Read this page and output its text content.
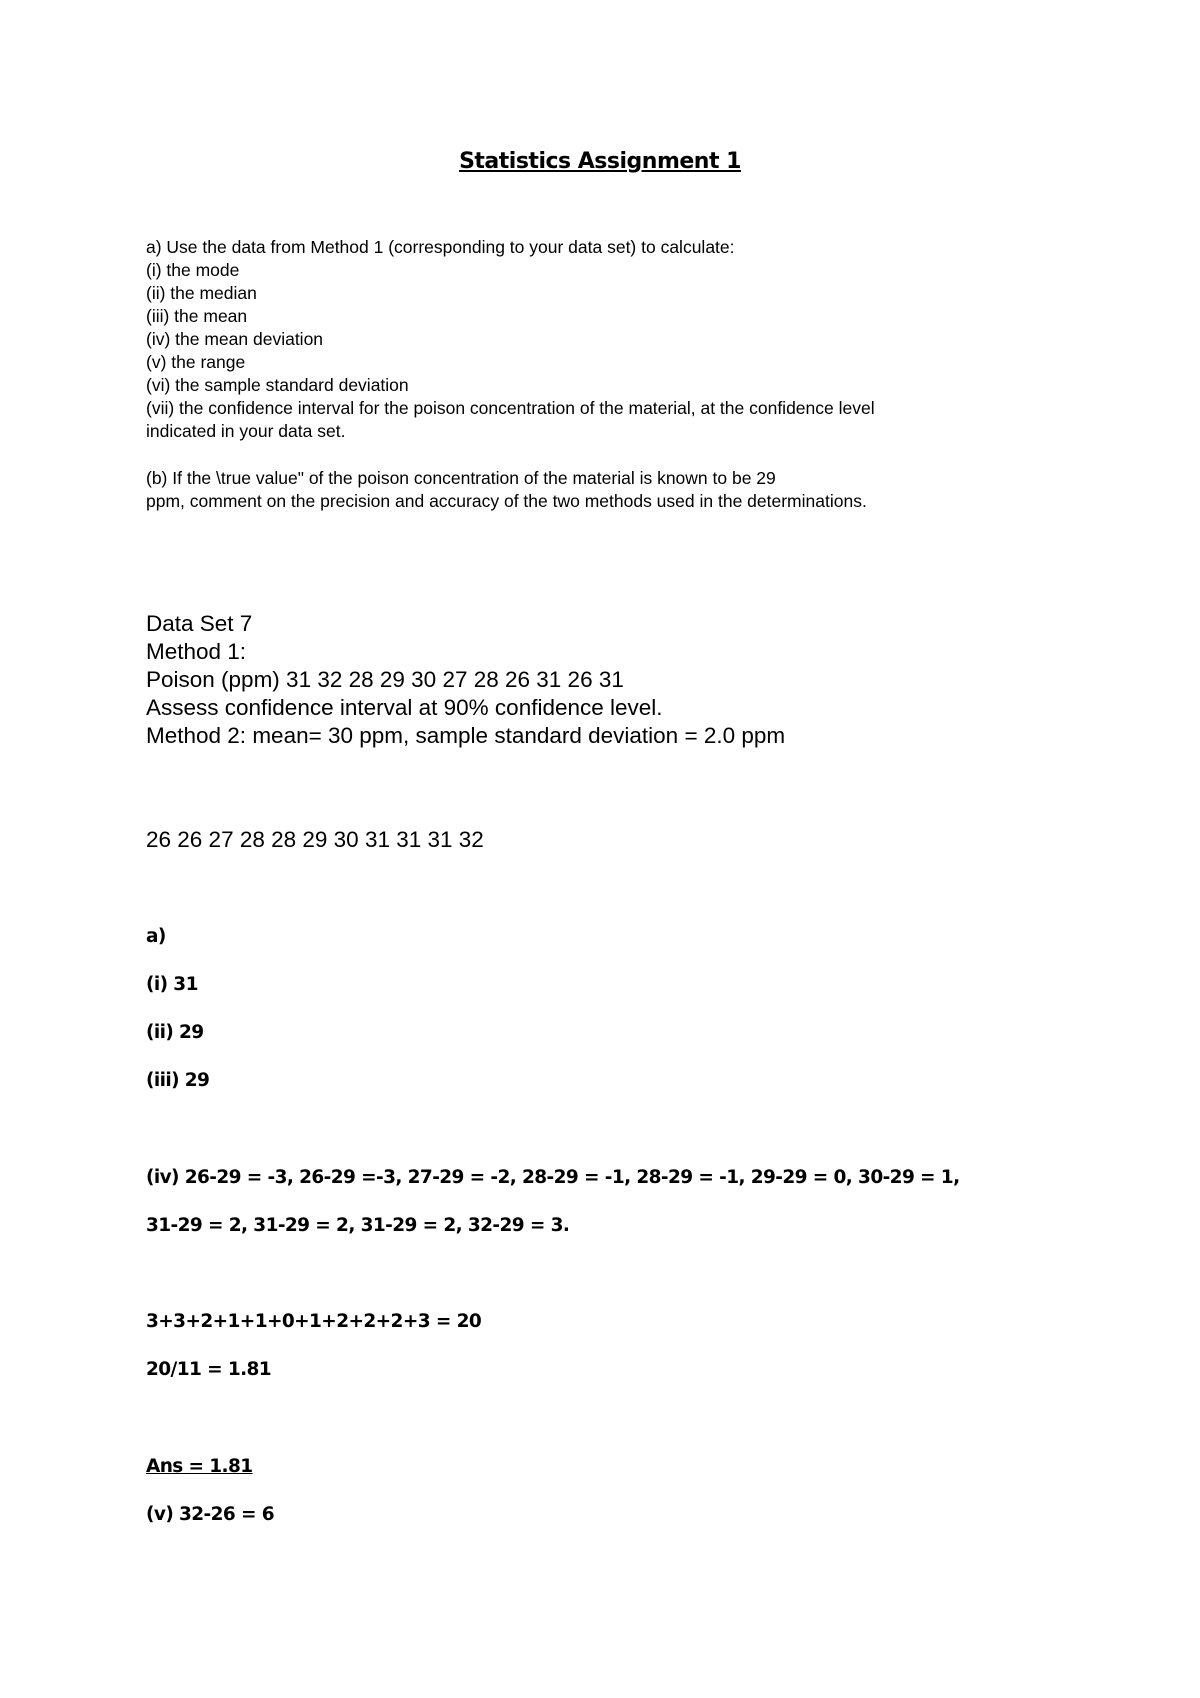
Statistics Assignment 1
a) Use the data from Method 1 (corresponding to your data set) to calculate:
(i) the mode
(ii) the median
(iii) the mean
(iv) the mean deviation
(v) the range
(vi) the sample standard deviation
(vii) the confidence interval for the poison concentration of the material, at the confidence level
indicated in your data set.
(b) If the \true value" of the poison concentration of the material is known to be 29
ppm, comment on the precision and accuracy of the two methods used in the determinations.
Data Set 7
Method 1:
Poison (ppm) 31 32 28 29 30 27 28 26 31 26 31
Assess confidence interval at 90% confidence level.
Method 2: mean= 30 ppm, sample standard deviation = 2.0 ppm
26 26 27 28 28 29 30 31 31 31 32
a)
(i) 31
(ii) 29
(iii) 29
(iv) 26-29 = -3, 26-29 =-3, 27-29 = -2, 28-29 = -1, 28-29 = -1, 29-29 = 0, 30-29 = 1,
31-29 = 2, 31-29 = 2, 31-29 = 2, 32-29 = 3.
3+3+2+1+1+0+1+2+2+2+3 = 20
20/11 = 1.81
Ans = 1.81
(v) 32-26 = 6
